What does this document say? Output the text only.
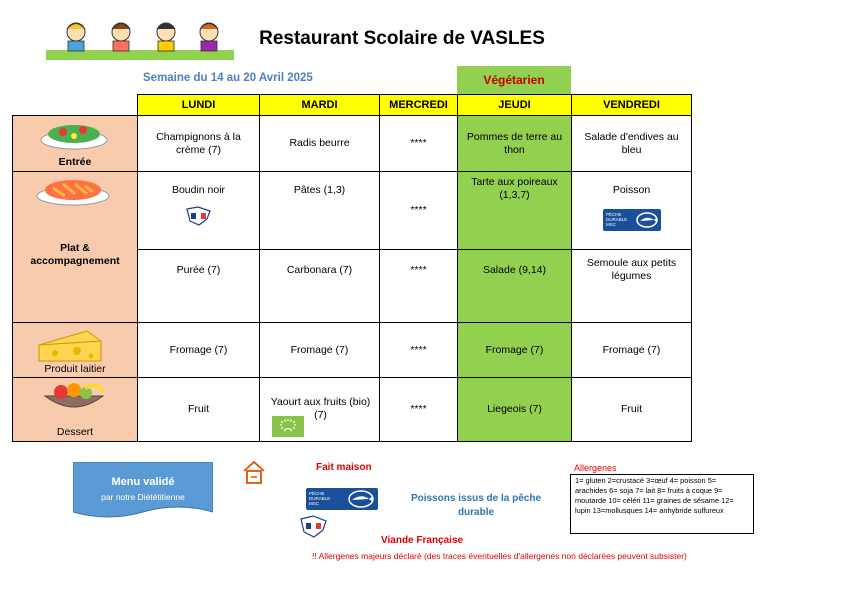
Restaurant Scolaire de VASLES
Semaine du 14 au 20 Avril 2025	Végétarien
	LUNDI	MARDI	MERCREDI	JEUDI	VENDREDI

Entrée	Champignons à la crème (7)	Radis beurre	****	Pommes de terre au thon	Salade d'endives au bleu

Plat &
accompagnement	Boudin noir	Pâtes (1,3)	****	Tarte aux poireaux (1,3,7)	Poisson
PÊCHE
DURABLE
MSC

	Purée (7)	Carbonara (7)	****	Salade (9,14)	Semoule aux petits légumes

Produit laitier	Fromage (7)	Fromage (7)	****	Fromage (7)	Fromage (7)

Dessert	Fruit	Yaourt aux fruits (bio) (7)	****	Liegeois (7)	Fruit
Menu validé
par notre Diététitienne
Fait maison
PÊCHE
DURABLE
MSC	Poissons issus de la pêche durable
Viande Française
!! Allergenes majeurs déclaré (des traces éventuelles d'allergenes non déclarées peuvent subsister)
Allergenes
1= gluten 2=crustacé 3=œuf 4= poisson 5= arachides 6= soja 7= lait 8= fruits à coque 9= moutarde 10= céléri 11= graines de sésame 12= lupin 13=mollusques 14= anhybride sulfureux
